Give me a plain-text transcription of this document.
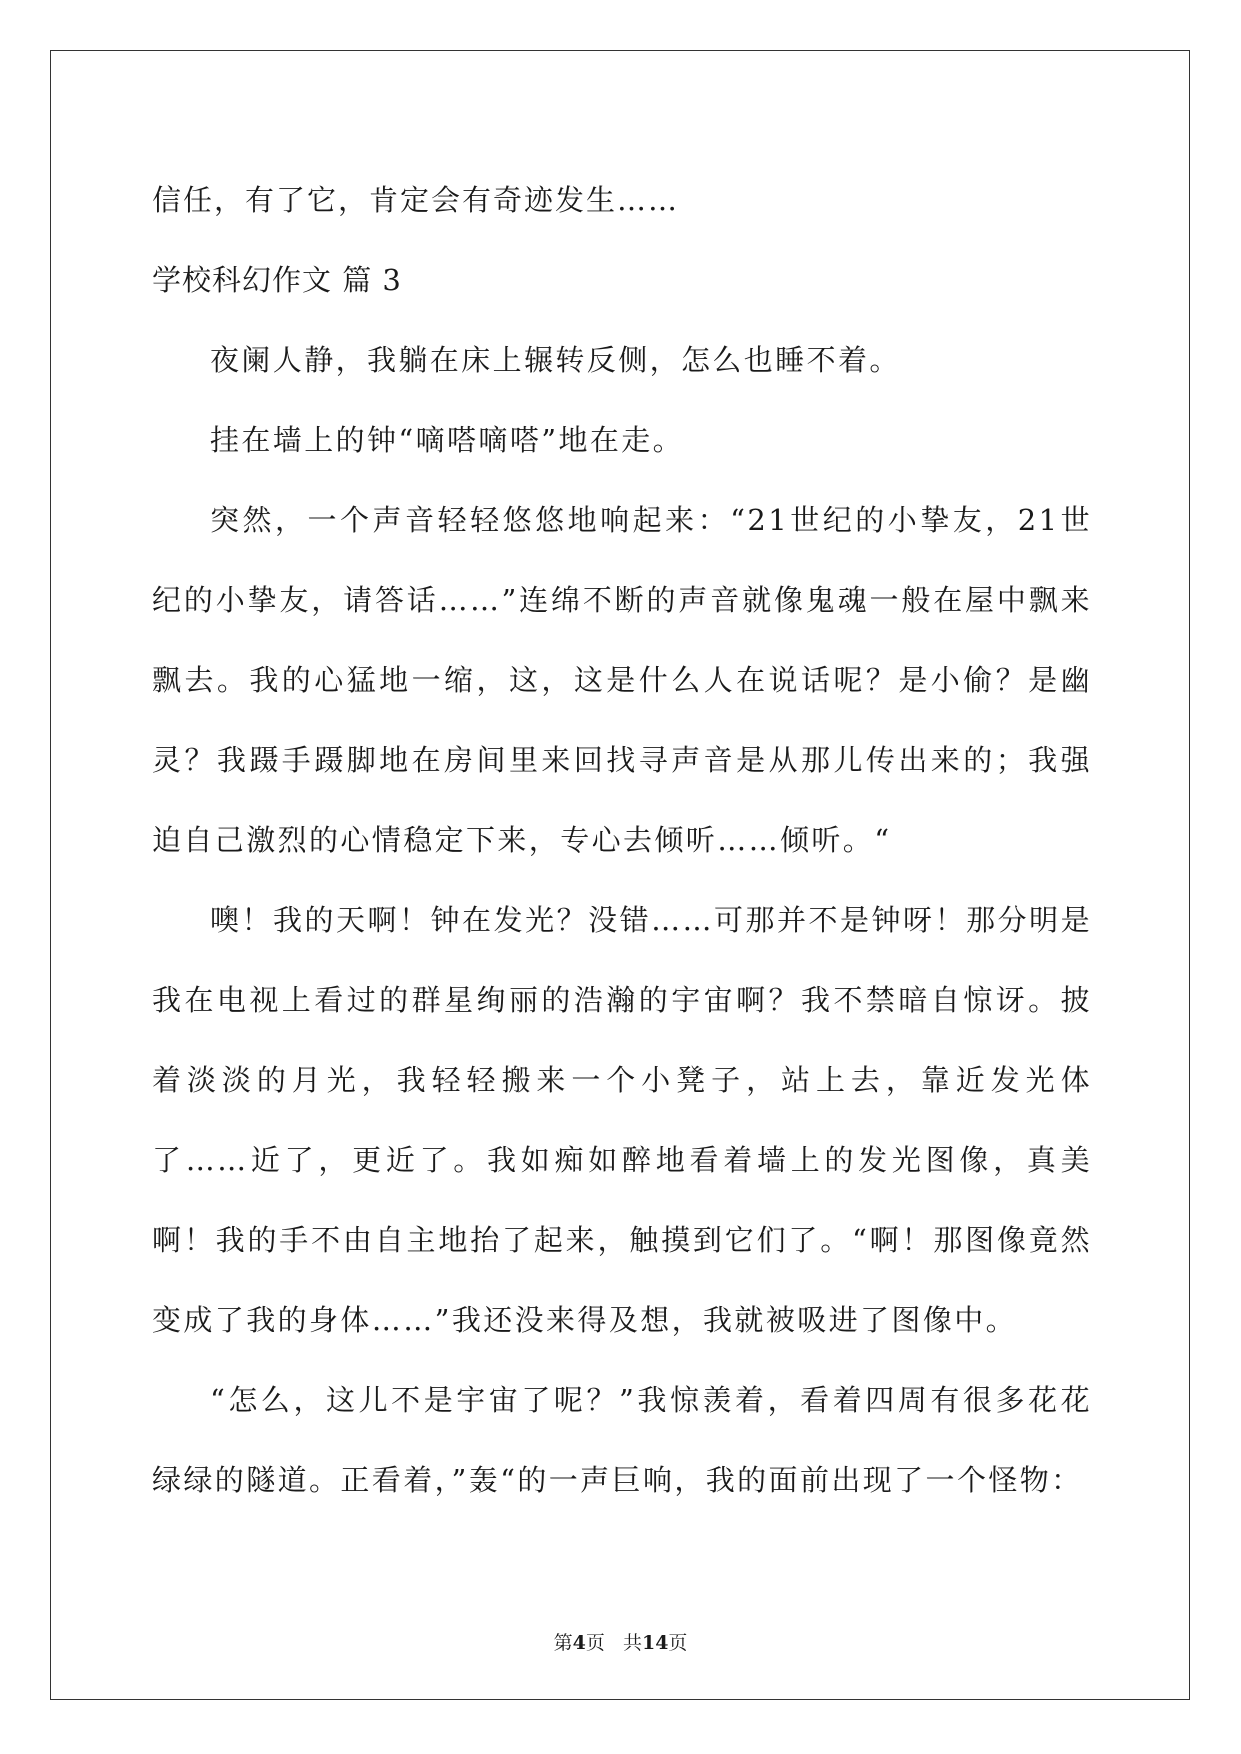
信任，有了它，肯定会有奇迹发生……
学校科幻作文 篇 3
夜阑人静，我躺在床上辗转反侧，怎么也睡不着。
挂在墙上的钟“嘀嗒嘀嗒”地在走。
突然，一个声音轻轻悠悠地响起来：“21世纪的小挚友，21世纪的小挚友，请答话……”连绵不断的声音就像鬼魂一般在屋中飘来飘去。我的心猛地一缩，这，这是什么人在说话呢？是小偷？是幽灵？我蹑手蹑脚地在房间里来回找寻声音是从那儿传出来的；我强迫自己激烈的心情稳定下来，专心去倾听……倾听。“
噢！我的天啊！钟在发光？没错……可那并不是钟呀！那分明是我在电视上看过的群星绚丽的浩瀚的宇宙啊？我不禁暗自惊讶。披着淡淡的月光，我轻轻搬来一个小凳子，站上去，靠近发光体了……近了，更近了。我如痴如醉地看着墙上的发光图像，真美啊！我的手不由自主地抬了起来，触摸到它们了。“啊！那图像竟然变成了我的身体……”我还没来得及想，我就被吸进了图像中。
“怎么，这儿不是宇宙了呢？”我惊羡着，看着四周有很多花花绿绿的隧道。正看着，”轰“的一声巨响，我的面前出现了一个怪物：
第4页 共14页
